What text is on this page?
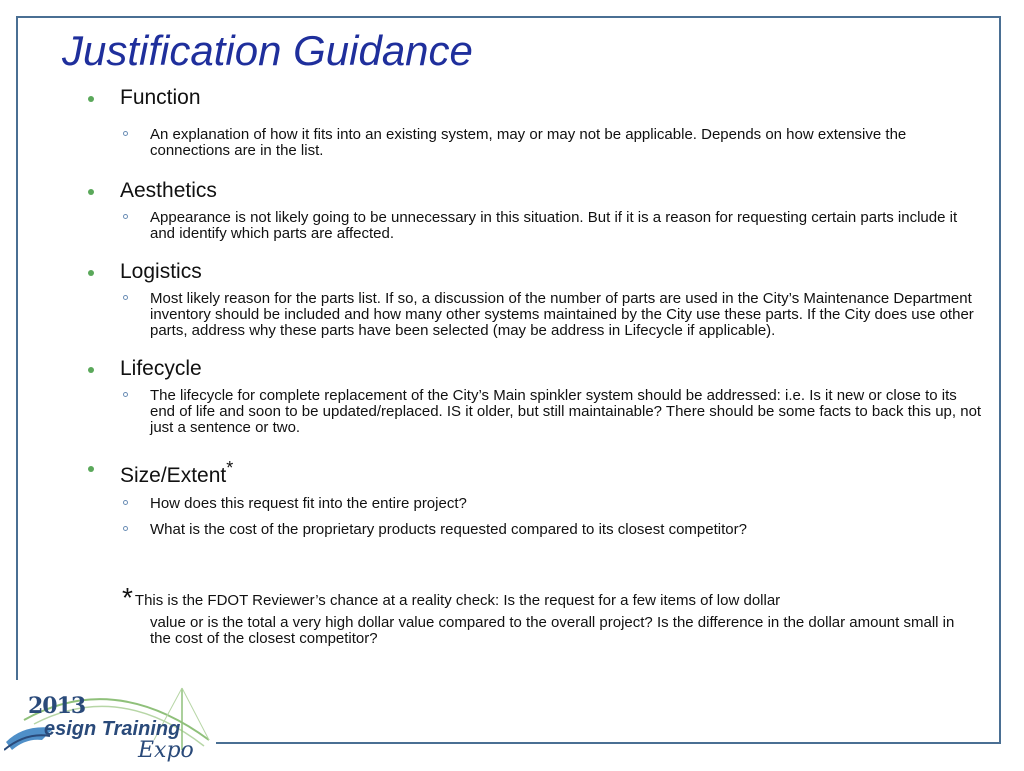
Justification Guidance
Function
An explanation of how it fits into an existing system, may or may not be applicable. Depends on how extensive the connections are in the list.
Aesthetics
Appearance is not likely going to be unnecessary in this situation. But if it is a reason for requesting certain parts include it and identify which parts are affected.
Logistics
Most likely reason for the parts list. If so, a discussion of the number of parts are used in the City’s Maintenance Department inventory should be included and how many other systems maintained by the City use these parts. If the City does use other parts, address why these parts have been selected (may be address in Lifecycle if applicable).
Lifecycle
The lifecycle for complete replacement of the City’s Main spinkler system should be addressed: i.e. Is it new or close to its end of life and soon to be updated/replaced. IS it older, but still maintainable? There should be some facts to back this up, not just a sentence or two.
Size/Extent*
How does this request fit into the entire project?
What is the cost of the proprietary products requested compared to its closest competitor?
* This is the FDOT Reviewer’s chance at a reality check: Is the request for a few items of low dollar
value or is the total a very high dollar value compared to the overall project? Is the difference in the dollar amount small in the cost of the closest competitor?
2013
esign Training
Expo
